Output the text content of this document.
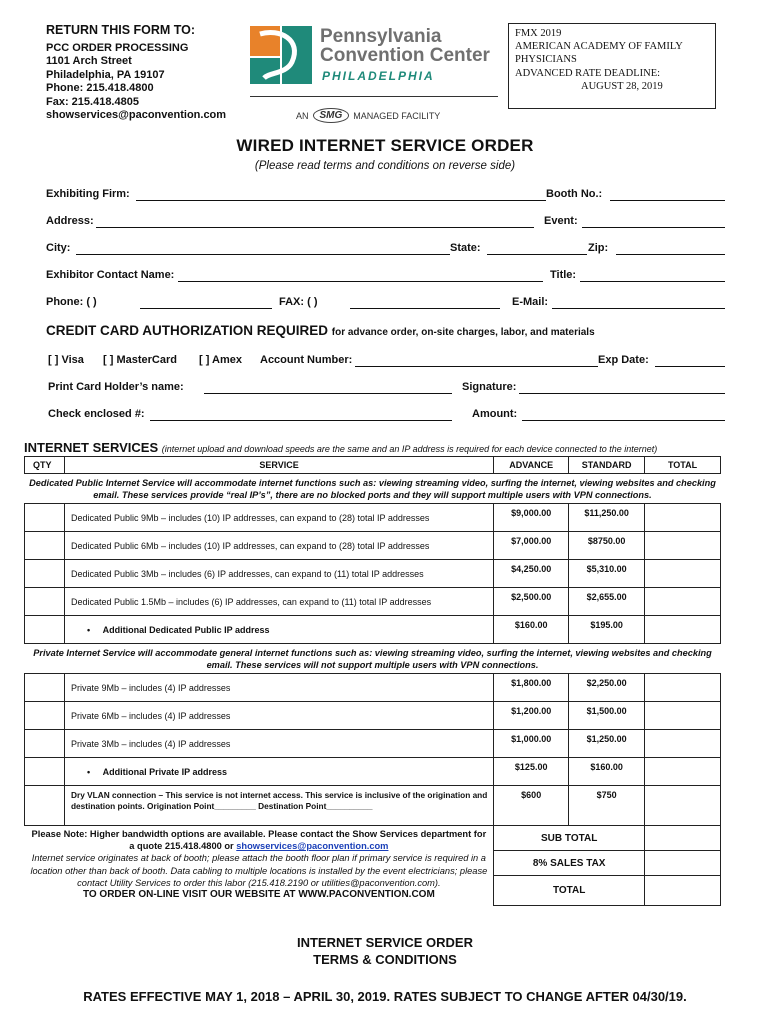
RETURN THIS FORM TO:
PCC ORDER PROCESSING
1101 Arch Street
Philadelphia, PA 19107
Phone: 215.418.4800
Fax: 215.418.4805
showservices@paconvention.com
Pennsylvania
Convention Center
PHILADELPHIA
AN	SMG	MANAGED FACILITY
FMX 2019
AMERICAN ACADEMY OF FAMILY
PHYSICIANS
ADVANCED RATE DEADLINE:
AUGUST 28, 2019
WIRED INTERNET SERVICE ORDER
(Please read terms and conditions on reverse side)
Exhibiting Firm:	Booth No.:
Address:	Event:
City:	State:	Zip:
Exhibitor Contact Name:	Title:
Phone: ( )	FAX: ( )	E-Mail:
CREDIT CARD AUTHORIZATION REQUIRED for advance order, on-site charges, labor, and materials
[ ] Visa [ ] MasterCard [ ] Amex Account Number:	Exp Date:
Print Card Holder’s name:	Signature:
Check enclosed #:	Amount:
INTERNET SERVICES (internet upload and download speeds are the same and an IP address is required for each device connected to the internet)
QTY	SERVICE	ADVANCE	STANDARD	TOTAL
Dedicated Public Internet Service will accommodate internet functions such as: viewing streaming video, surfing the internet, viewing websites and checking email. These services provide “real IP’s”, there are no blocked ports and they will support multiple users with VPN connections.				
	Dedicated Public 9Mb – includes (10) IP addresses, can expand to (28) total IP addresses	$9,000.00	$11,250.00	
	Dedicated Public 6Mb – includes (10) IP addresses, can expand to (28) total IP addresses	$7,000.00	$8750.00	
	Dedicated Public 3Mb – includes (6) IP addresses, can expand to (11) total IP addresses	$4,250.00	$5,310.00	
	Dedicated Public 1.5Mb – includes (6) IP addresses, can expand to (11) total IP addresses	$2,500.00	$2,655.00	
	•     Additional Dedicated Public IP address	$160.00	$195.00	
Private Internet Service will accommodate general internet functions such as: viewing streaming video, surfing the internet, viewing websites and checking email. These services will not support multiple users with VPN connections.				
	Private 9Mb – includes (4) IP addresses	$1,800.00	$2,250.00	
	Private 6Mb – includes (4) IP addresses	$1,200.00	$1,500.00	
	Private 3Mb – includes (4) IP addresses	$1,000.00	$1,250.00	
	•     Additional Private IP address	$125.00	$160.00	
	Dry VLAN connection – This service is not internet access. This service is inclusive of the origination and destination points. Origination Point_________ Destination Point__________	$600	$750	

Please Note: Higher bandwidth options are available. Please contact the Show Services department for a quote 215.418.4800 or showservices@paconvention.com
Internet service originates at back of booth; please attach the booth floor plan if primary service is required in a location other than back of booth. Data cabling to multiple locations is installed by the event electricians; please contact Utility Services to order this labor (215.418.2190 or utilities@paconvention.com).
TO ORDER ON-LINE VISIT OUR WEBSITE AT WWW.PACONVENTION.COM		SUB TOTAL		
		8% SALES TAX		
		TOTAL		
INTERNET SERVICE ORDER
TERMS & CONDITIONS
RATES EFFECTIVE MAY 1, 2018 – APRIL 30, 2019. RATES SUBJECT TO CHANGE AFTER 04/30/19.
